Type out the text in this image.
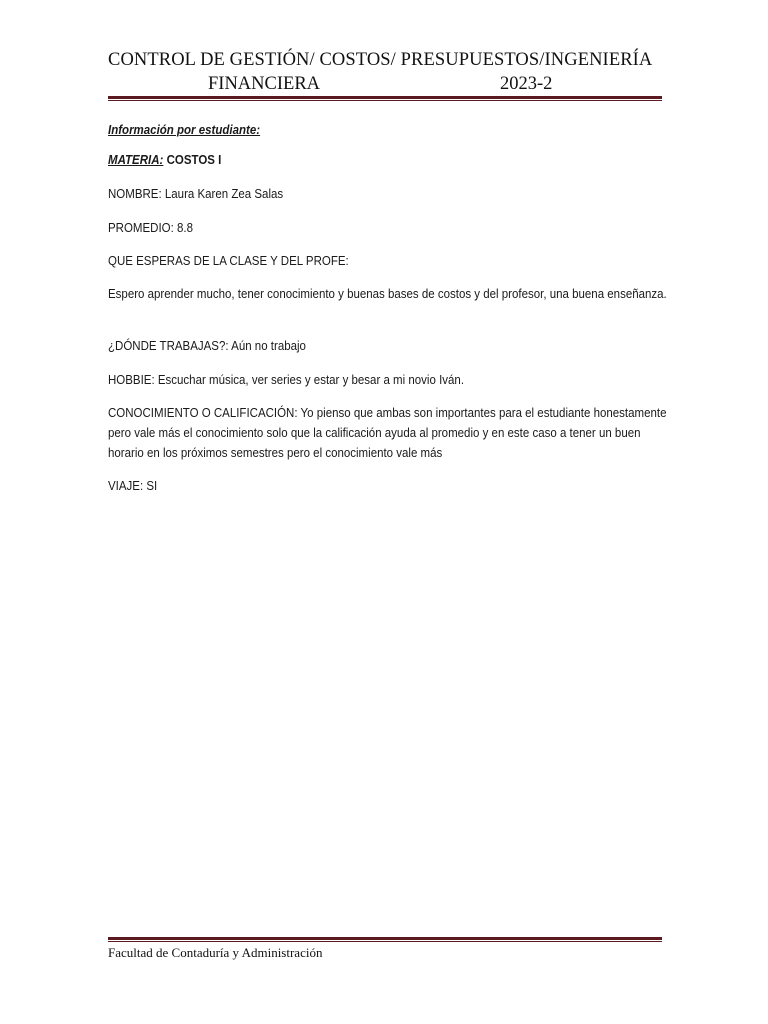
CONTROL DE GESTIÓN/ COSTOS/ PRESUPUESTOS/INGENIERÍA
FINANCIERA	2023-2

Información por estudiante:

MATERIA: COSTOS I

NOMBRE: Laura Karen Zea Salas

PROMEDIO: 8.8

QUE ESPERAS DE LA CLASE Y DEL PROFE:

Espero aprender mucho, tener conocimiento y buenas bases de costos y del profesor, una buena enseñanza.

¿DÓNDE TRABAJAS?: Aún no trabajo

HOBBIE: Escuchar música, ver series y estar y besar a mi novio Iván.

CONOCIMIENTO O CALIFICACIÓN: Yo pienso que ambas son importantes para el estudiante honestamente pero vale más el conocimiento solo que la calificación ayuda al promedio y en este caso a tener un buen horario en los próximos semestres pero el conocimiento vale más

VIAJE: SI

Facultad de Contaduría y Administración
